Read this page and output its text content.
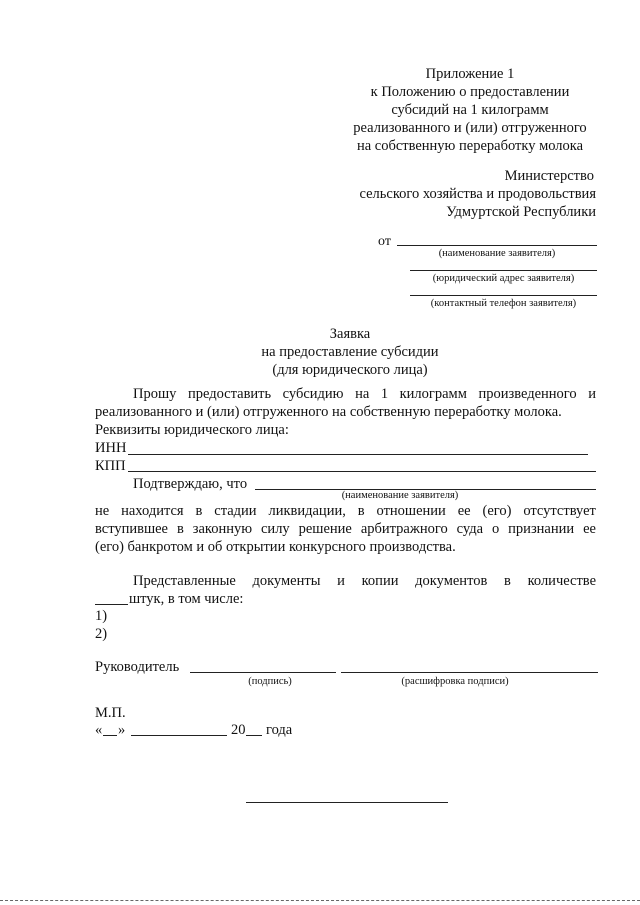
Приложение 1
к Положению о предоставлении
субсидий на 1 килограмм
реализованного и (или) отгруженного
на собственную переработку молока
Министерство
сельского хозяйства и продовольствия
Удмуртской Республики
от
(наименование заявителя)
(юридический адрес заявителя)
(контактный телефон заявителя)
Заявка
на предоставление субсидии
(для юридического лица)
Прошу предоставить субсидию на 1 килограмм произведенного и
реализованного и (или) отгруженного на собственную переработку молока.
Реквизиты юридического лица:
ИНН
КПП
Подтверждаю, что
(наименование заявителя)
не находится в стадии ликвидации, в отношении ее (его) отсутствует
вступившее в законную силу решение арбитражного суда о признании ее
(его) банкротом и об открытии конкурсного производства.
Представленные документы и копии документов в количестве
штук, в том числе:
1)
2)
Руководитель
(подпись)	(расшифровка подписи)
М.П.
« »	20 года
